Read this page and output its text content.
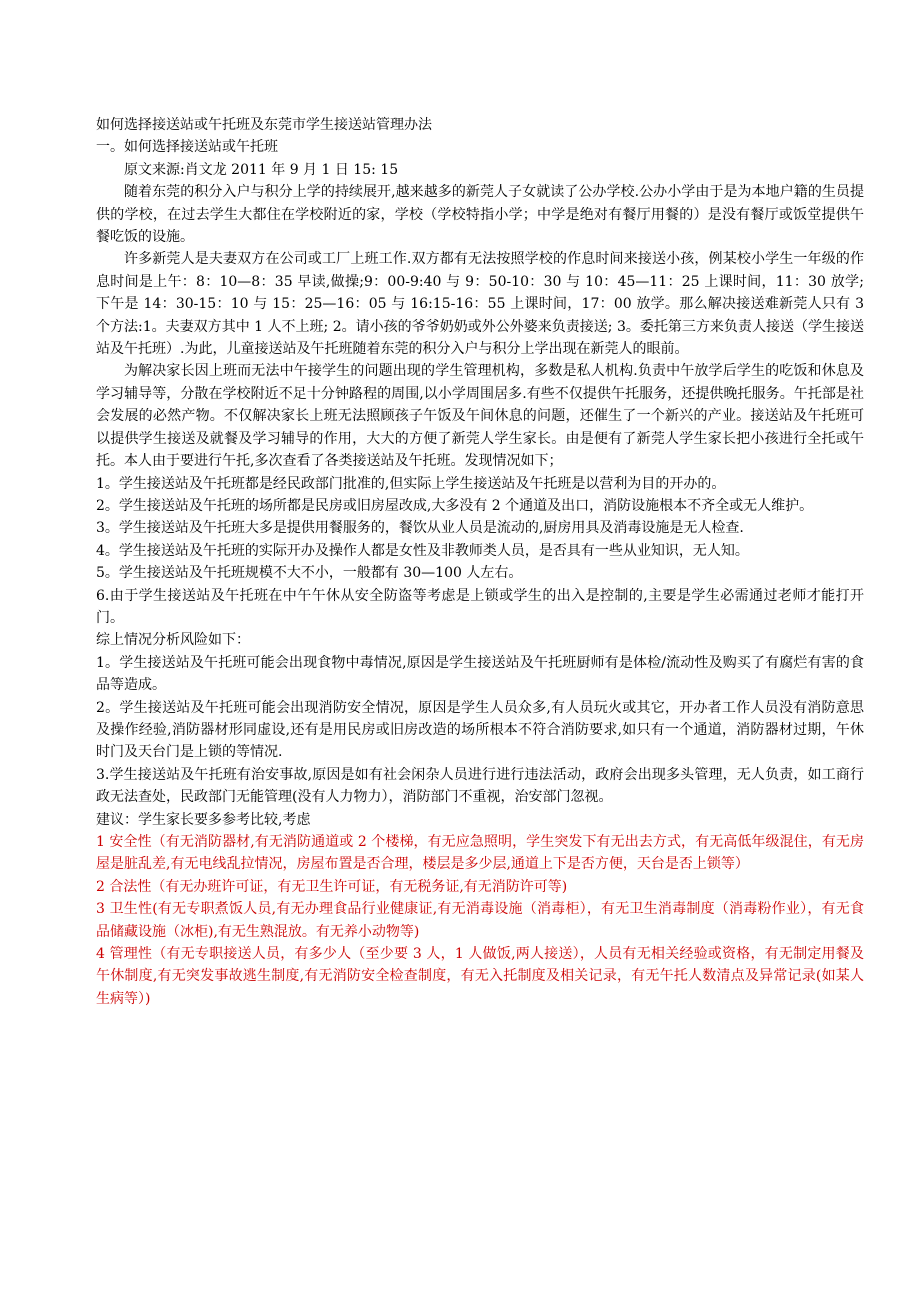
如何选择接送站或午托班及东莞市学生接送站管理办法

一。如何选择接送站或午托班

原文来源:肖文龙 2011 年 9 月 1 日 15: 15

随着东莞的积分入户与积分上学的持续展开,越来越多的新莞人子女就读了公办学校.公办小学由于是为本地户籍的生员提供的学校，在过去学生大都住在学校附近的家，学校（学校特指小学；中学是绝对有餐厅用餐的）是没有餐厅或饭堂提供午餐吃饭的设施。

许多新莞人是夫妻双方在公司或工厂上班工作.双方都有无法按照学校的作息时间来接送小孩，例某校小学生一年级的作息时间是上午：8：10—8：35 早读,做操;9：00-9:40 与 9：50-10：30 与 10：45—11：25 上课时间，11：30 放学;下午是 14：30-15：10 与 15：25—16：05 与 16:15-16：55 上课时间，17：00 放学。那么解决接送难新莞人只有 3 个方法:1。夫妻双方其中 1 人不上班; 2。请小孩的爷爷奶奶或外公外婆来负责接送; 3。委托第三方来负责人接送（学生接送站及午托班）.为此，儿童接送站及午托班随着东莞的积分入户与积分上学出现在新莞人的眼前。

为解决家长因上班而无法中午接学生的问题出现的学生管理机构，多数是私人机构.负责中午放学后学生的吃饭和休息及学习辅导等，分散在学校附近不足十分钟路程的周围,以小学周围居多.有些不仅提供午托服务，还提供晚托服务。午托部是社会发展的必然产物。不仅解决家长上班无法照顾孩子午饭及午间休息的问题，还催生了一个新兴的产业。接送站及午托班可以提供学生接送及就餐及学习辅导的作用，大大的方便了新莞人学生家长。由是便有了新莞人学生家长把小孩进行全托或午托。本人由于要进行午托,多次查看了各类接送站及午托班。发现情况如下；

1。学生接送站及午托班都是经民政部门批准的,但实际上学生接送站及午托班是以营利为目的开办的。

2。学生接送站及午托班的场所都是民房或旧房屋改成,大多没有 2 个通道及出口，消防设施根本不齐全或无人维护。

3。学生接送站及午托班大多是提供用餐服务的，餐饮从业人员是流动的,厨房用具及消毒设施是无人检查.

4。学生接送站及午托班的实际开办及操作人都是女性及非教师类人员，是否具有一些从业知识，无人知。

5。学生接送站及午托班规模不大不小，一般都有 30—100 人左右。

6.由于学生接送站及午托班在中午午休从安全防盗等考虑是上锁或学生的出入是控制的,主要是学生必需通过老师才能打开门。

综上情况分析风险如下：

1。学生接送站及午托班可能会出现食物中毒情况,原因是学生接送站及午托班厨师有是体检/流动性及购买了有腐烂有害的食品等造成。

2。学生接送站及午托班可能会出现消防安全情况，原因是学生人员众多,有人员玩火或其它，开办者工作人员没有消防意思及操作经验,消防器材形同虚设,还有是用民房或旧房改造的场所根本不符合消防要求,如只有一个通道，消防器材过期，午休时门及天台门是上锁的等情况.

3.学生接送站及午托班有治安事故,原因是如有社会闲杂人员进行进行违法活动，政府会出现多头管理，无人负责，如工商行政无法查处，民政部门无能管理(没有人力物力），消防部门不重视，治安部门忽视。

建议：学生家长要多参考比较,考虑

1 安全性（有无消防器材,有无消防通道或 2 个楼梯，有无应急照明，学生突发下有无出去方式，有无高低年级混住，有无房屋是脏乱差,有无电线乱拉情况，房屋布置是否合理，楼层是多少层,通道上下是否方便，天台是否上锁等）

2 合法性（有无办班许可证，有无卫生许可证，有无税务证,有无消防许可等)

3 卫生性(有无专职煮饭人员,有无办理食品行业健康证,有无消毒设施（消毒柜），有无卫生消毒制度（消毒粉作业），有无食品储藏设施（冰柜),有无生熟混放。有无养小动物等)

4 管理性（有无专职接送人员，有多少人（至少要 3 人，1 人做饭,两人接送），人员有无相关经验或资格，有无制定用餐及午休制度,有无突发事故逃生制度,有无消防安全检查制度，有无入托制度及相关记录，有无午托人数清点及异常记录(如某人生病等）)
